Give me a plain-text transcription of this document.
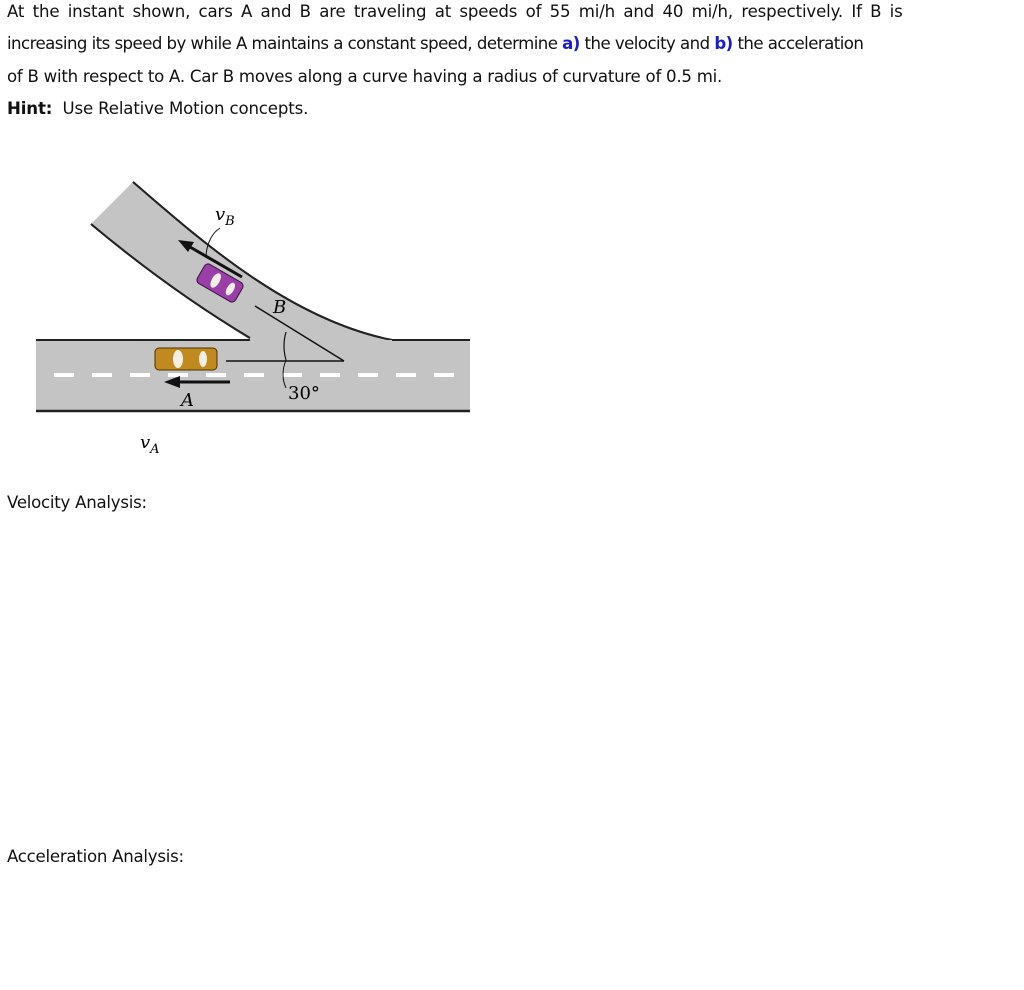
At the instant shown, cars A and B are traveling at speeds of 55 mi/h and 40 mi/h, respectively. If B is
increasing its speed by while A maintains a constant speed, determine a) the velocity and b) the acceleration
of B with respect to A. Car B moves along a curve having a radius of curvature of 0.5 mi.
Hint:  Use Relative Motion concepts.
$v_B$
B
A	30°
$v_A$
Velocity Analysis:
Acceleration Analysis:
